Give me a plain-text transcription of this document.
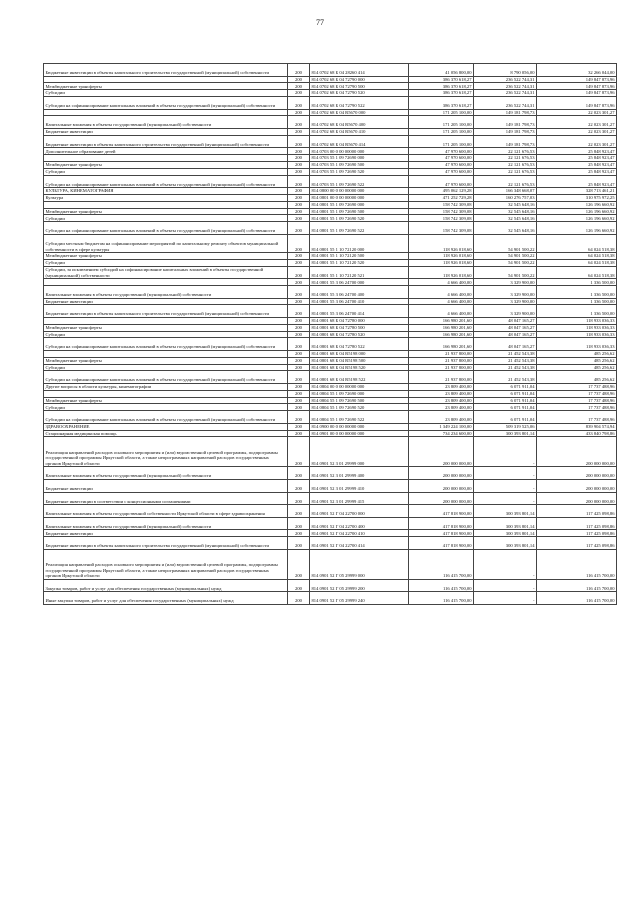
77
Бюджетные инвестиции в объекты капитального строительства государственной (муниципальной) собственности	200	814 0702 68 Б 04 28260 414	41 056 800,00	8 790 056,00	32 266 044,00
	200	814 0702 68 Б 04 72790 000	386 370 618,27	236 522 744,31	149 847 873,96
Межбюджетные трансферты	200	814 0702 68 Б 04 72790 500	386 370 618,27	236 522 744,31	149 847 873,96
Субсидии	200	814 0702 68 Б 04 72790 520	386 370 618,27	236 522 744,31	149 847 873,96
Субсидии на софинансирование капитальных вложений в объекты государственной (муниципальной) собственности	200	814 0702 68 Б 04 72790 522	386 370 618,27	236 522 744,31	149 847 873,96
	200	814 0702 68 Б 04 R5670 000	171 205 100,00	149 181 798,73	22 023 301,27
Капитальные вложения в объекты государственной (муниципальной) собственности	200	814 0702 68 Б 04 R5670 400	171 205 100,00	149 181 798,73	22 023 301,27
Бюджетные инвестиции	200	814 0702 68 Б 04 R5670 410	171 205 100,00	149 181 798,73	22 023 301,27
Бюджетные инвестиции в объекты капитального строительства государственной (муниципальной) собственности	200	814 0702 68 Б 04 R5670 414	171 205 100,00	149 181 798,73	22 023 301,27
Дополнительное образование детей	200	814 0703 00 0 00 00000 000	47 970 600,00	22 121 676,53	25 848 923,47
	200	814 0703 55 1 09 72690 000	47 970 600,00	22 121 676,53	25 848 923,47
Межбюджетные трансферты	200	814 0703 55 1 09 72690 500	47 970 600,00	22 121 676,53	25 848 923,47
Субсидии	200	814 0703 55 1 09 72690 520	47 970 600,00	22 121 676,53	25 848 923,47
Субсидии на софинансирование капитальных вложений в объекты государственной (муниципальной) собственности	200	814 0703 55 1 09 72690 522	47 970 600,00	22 121 676,53	25 848 923,47
КУЛЬТУРА, КИНЕМАТОГРАФИЯ	200	814 0800 00 0 00 00000 000	495 062 129,28	166 348 668,07	328 713 461,21
Культура	200	814 0801 00 0 00 00000 000	471 252 729,28	160 276 757,03	310 975 972,25
	200	814 0801 55 1 09 72690 000	158 742 309,08	32 545 648,16	126 196 660,92
Межбюджетные трансферты	200	814 0801 55 1 09 72690 500	158 742 309,08	32 545 648,16	126 196 660,92
Субсидии	200	814 0801 55 1 09 72690 520	158 742 309,08	32 545 648,16	126 196 660,92
Субсидии на софинансирование капитальных вложений в объекты государственной (муниципальной) собственности	200	814 0801 55 1 09 72690 522	158 742 309,08	32 545 648,16	126 196 660,92
Субсидии местным бюджетам на софинансирование мероприятий по капитальному ремонту объектов муниципальной собственности в сфере культуры	200	814 0801 55 1 10 72120 000	118 926 018,60	54 901 500,22	64 024 518,38
Межбюджетные трансферты	200	814 0801 55 1 10 72120 500	118 926 018,60	54 901 500,22	64 024 518,38
Субсидии	200	814 0801 55 1 10 72120 520	118 926 018,60	54 901 500,22	64 024 518,38
Субсидии, за исключением субсидий на софинансирование капитальных вложений в объекты государственной (муниципальной) собственности	200	814 0801 55 1 10 72120 521	118 926 018,60	54 901 500,22	64 024 518,38
	200	814 0801 55 3 06 24700 000	4 666 400,00	3 329 900,00	1 336 500,00
Капитальные вложения в объекты государственной (муниципальной) собственности	200	814 0801 55 3 06 24700 400	4 666 400,00	3 329 900,00	1 336 500,00
Бюджетные инвестиции	200	814 0801 55 3 06 24700 410	4 666 400,00	3 329 900,00	1 336 500,00
Бюджетные инвестиции в объекты капитального строительства государственной (муниципальной) собственности	200	814 0801 55 3 06 24700 414	4 666 400,00	3 329 900,00	1 336 500,00
	200	814 0801 68 Б 04 72780 000	166 980 201,60	48 047 165,27	118 933 036,33
Межбюджетные трансферты	200	814 0801 68 Б 04 72780 500	166 980 201,60	48 047 165,27	118 933 036,33
Субсидии	200	814 0801 68 Б 04 72780 520	166 980 201,60	48 047 165,27	118 933 036,33
Субсидии на софинансирование капитальных вложений в объекты государственной (муниципальной) собственности	200	814 0801 68 Б 04 72780 522	166 980 201,60	48 047 165,27	118 933 036,33
	200	814 0801 68 Б 04 R5198 000	21 937 800,00	21 452 543,38	485 256,62
Межбюджетные трансферты	200	814 0801 68 Б 04 R5198 500	21 937 800,00	21 452 543,38	485 256,62
Субсидии	200	814 0801 68 Б 04 R5198 520	21 937 800,00	21 452 543,38	485 256,62
Субсидии на софинансирование капитальных вложений в объекты государственной (муниципальной) собственности	200	814 0801 68 Б 04 R5198 522	21 937 800,00	21 452 543,38	485 256,62
Другие вопросы в области культуры, кинематографии	200	814 0804 00 0 00 00000 000	23 809 400,00	6 071 911,04	17 737 488,96
	200	814 0804 55 1 09 72690 000	23 809 400,00	6 071 911,04	17 737 488,96
Межбюджетные трансферты	200	814 0804 55 1 09 72690 500	23 809 400,00	6 071 911,04	17 737 488,96
Субсидии	200	814 0804 55 1 09 72690 520	23 809 400,00	6 071 911,04	17 737 488,96
Субсидии на софинансирование капитальных вложений в объекты государственной (муниципальной) собственности	200	814 0804 55 1 09 72690 522	23 809 400,00	6 071 911,04	17 737 488,96
ЗДРАВООХРАНЕНИЕ	200	814 0900 00 0 00 00000 000	1 349 224 100,00	509 319 525,06	839 904 574,94
Стационарная медицинская помощь	200	814 0901 00 0 00 00000 000	734 234 600,00	300 393 801,14	433 840 798,86
Реализация направлений расходов основного мероприятия и (или) ведомственной целевой программы, подпрограммы государственной программы Иркутской области, а также непрограммных направлений расходов государственных органов Иркутской области	200	814 0901 52 3 01 29999 000	200 000 000,00	-	200 000 000,00
Капитальные вложения в объекты государственной (муниципальной) собственности	200	814 0901 52 3 01 29999 400	200 000 000,00	-	200 000 000,00
Бюджетные инвестиции	200	814 0901 52 3 01 29999 410	200 000 000,00	-	200 000 000,00
Бюджетные инвестиции в соответствии с концессионными соглашениями	200	814 0901 52 3 01 29999 415	200 000 000,00	-	200 000 000,00
Капитальные вложения в объекты государственной собственности Иркутской области в сфере здравоохранения	200	814 0901 52 Г 04 22700 000	417 818 900,00	300 393 801,14	117 425 098,86
Капитальные вложения в объекты государственной (муниципальной) собственности	200	814 0901 52 Г 04 22700 400	417 818 900,00	300 393 801,14	117 425 098,86
Бюджетные инвестиции	200	814 0901 52 Г 04 22700 410	417 818 900,00	300 393 801,14	117 425 098,86
Бюджетные инвестиции в объекты капитального строительства государственной (муниципальной) собственности	200	814 0901 52 Г 04 22700 414	417 818 900,00	300 393 801,14	117 425 098,86
Реализация направлений расходов основного мероприятия и (или) ведомственной целевой программы, подпрограммы государственной программы Иркутской области, а также непрограммных направлений расходов государственных органов Иркутской области	200	814 0901 52 Г 05 29999 000	116 415 700,00	-	116 415 700,00
Закупка товаров, работ и услуг для обеспечения государственных (муниципальных) нужд	200	814 0901 52 Г 05 29999 200	116 415 700,00	-	116 415 700,00
Иные закупки товаров, работ и услуг для обеспечения государственных (муниципальных) нужд	200	814 0901 52 Г 05 29999 240	116 415 700,00	-	116 415 700,00
